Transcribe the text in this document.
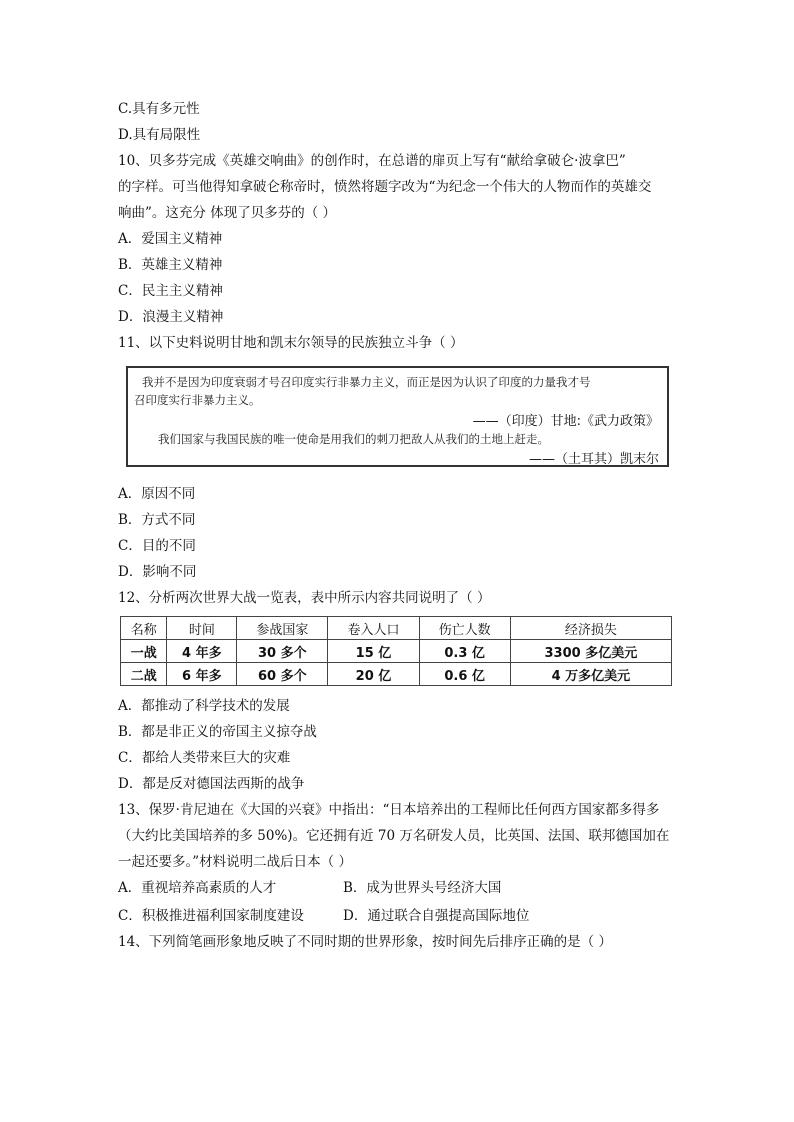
C.具有多元性
D.具有局限性
10、贝多芬完成《英雄交响曲》的创作时，在总谱的扉页上写有“献给拿破仑·波拿巴”
的字样。可当他得知拿破仑称帝时，愤然将题字改为“为纪念一个伟大的人物而作的英雄交
响曲”。这充分 体现了贝多芬的（ ）
A．爱国主义精神
B．英雄主义精神
C．民主主义精神
D．浪漫主义精神
11、以下史料说明甘地和凯末尔领导的民族独立斗争（ ）
我并不是因为印度衰弱才号召印度实行非暴力主义，而正是因为认识了印度的力量我才号
召印度实行非暴力主义。
——（印度）甘地:《武力政策》
我们国家与我国民族的唯一使命是用我们的刺刀把敌人从我们的土地上赶走。
——（土耳其）凯末尔
A．原因不同
B．方式不同
C．目的不同
D．影响不同
12、分析两次世界大战一览表，表中所示内容共同说明了（ ）
名称	时间	参战国家	卷入人口	伤亡人数	经济损失
一战	4 年多	30 多个	15 亿	0.3 亿	3300 多亿美元
二战	6 年多	60 多个	20 亿	0.6 亿	4 万多亿美元
A．都推动了科学技术的发展
B．都是非正义的帝国主义掠夺战
C．都给人类带来巨大的灾难
D．都是反对德国法西斯的战争
13、保罗·肯尼迪在《大国的兴衰》中指出：“日本培养出的工程师比任何西方国家都多得多
（大约比美国培养的多 50%)。它还拥有近 70 万名研发人员，比英国、法国、联邦德国加在
一起还要多。”材料说明二战后日本（ ）
A．重视培养高素质的人才	B．成为世界头号经济大国
C．积极推进福利国家制度建设	D．通过联合自强提高国际地位
14、下列简笔画形象地反映了不同时期的世界形象，按时间先后排序正确的是（ ）
